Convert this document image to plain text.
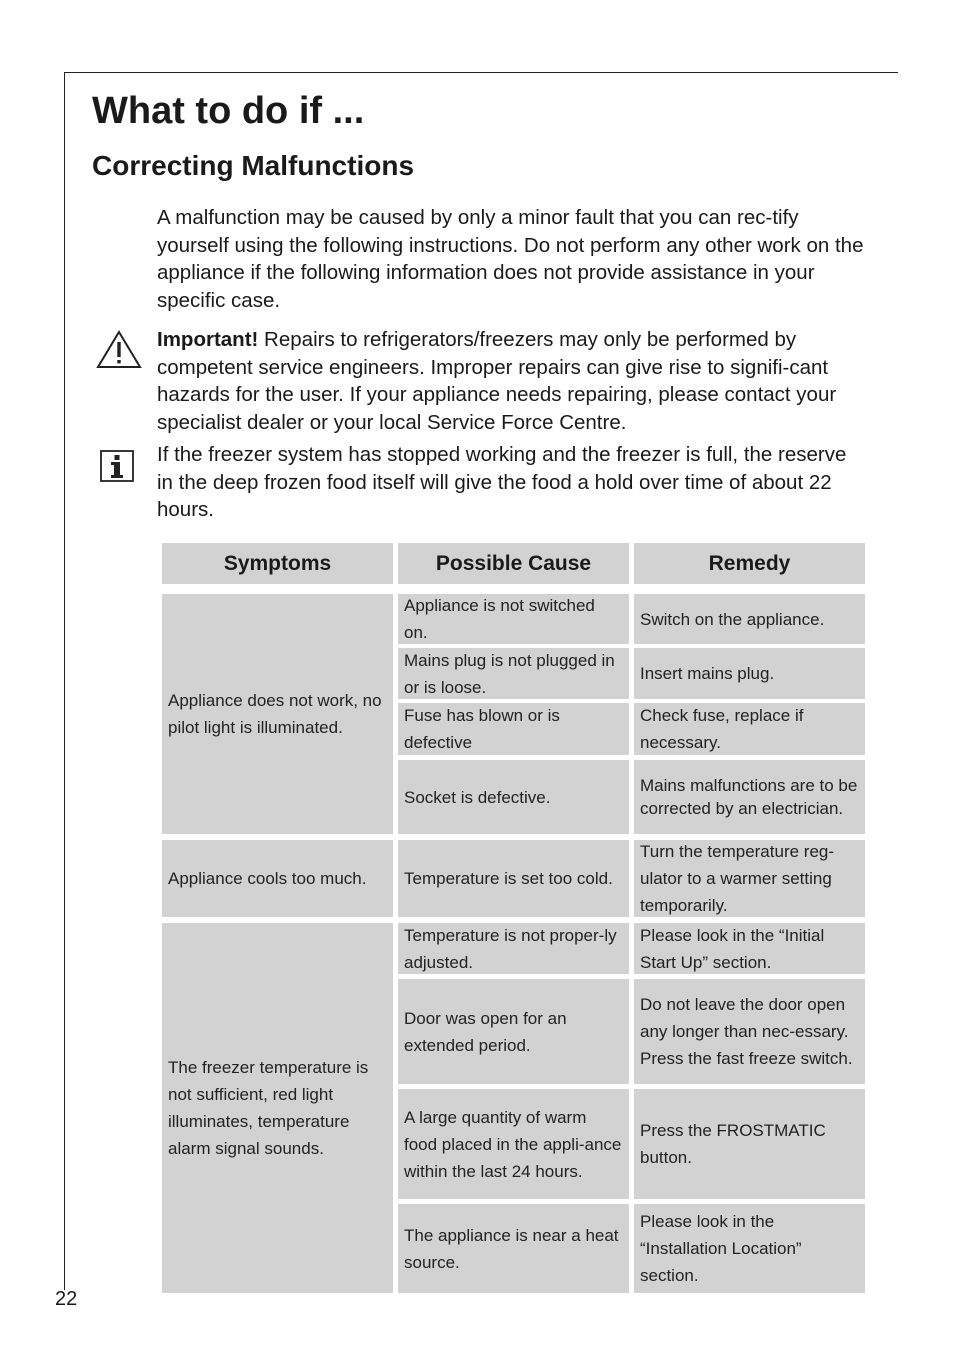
What to do if ...
Correcting Malfunctions

A malfunction may be caused by only a minor fault that you can rec-tify yourself using the following instructions. Do not perform any other work on the appliance if the following information does not provide assistance in your specific case.

Important! Repairs to refrigerators/freezers may only be performed by competent service engineers. Improper repairs can give rise to signifi-cant hazards for the user. If your appliance needs repairing, please contact your specialist dealer or your local Service Force Centre.

If the freezer system has stopped working and the freezer is full, the reserve in the deep frozen food itself will give the food a hold over time of about 22 hours.

Symptoms	Possible Cause	Remedy
Appliance does not work, no pilot light is illuminated.
Appliance cools too much.
The freezer temperature is not sufficient, red light illuminates, temperature alarm signal sounds.
Appliance is not switched on.
Mains plug is not plugged in or is loose.
Fuse has blown or is defective
Socket is defective.
Temperature is set too cold.
Temperature is not proper-ly adjusted.
Door was open for an extended period.
A large quantity of warm food placed in the appli-ance within the last 24 hours.
The appliance is near a heat source.
Switch on the appliance.
Insert mains plug.
Check fuse, replace if necessary.
Mains malfunctions are to be corrected by an electrician.
Turn the temperature reg-ulator to a warmer setting temporarily.
Please look in the “Initial Start Up” section.
Do not leave the door open any longer than nec-essary. Press the fast freeze switch.
Press the FROSTMATIC button.
Please look in the “Installation Location” section.
22
